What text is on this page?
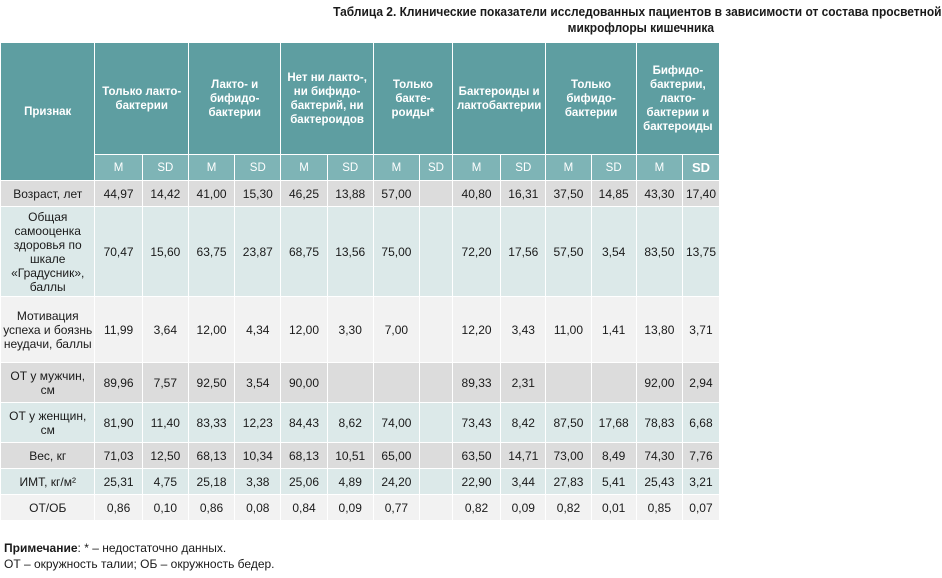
Таблица 2. Клинические показатели исследованных пациентов в зависимости от состава просветной
микрофлоры кишечника
Признак	Только лакто-бактерии		Лакто- и бифидо-бактерии		Нет ни лакто-, ни бифидо-бактерий, ни бактероидов		Только бакте-роиды*		Бактероиды и лактобактерии		Только бифидо-бактерии		Бифидо-бактерии, лакто-бактерии и бактероиды	
	M	SD	M	SD	M	SD	M	SD	M	SD	M	SD	M	SD
Возраст, лет	44,97	14,42	41,00	15,30	46,25	13,88	57,00		40,80	16,31	37,50	14,85	43,30	17,40
Общая самооценка здоровья по шкале «Градусник», баллы	70,47	15,60	63,75	23,87	68,75	13,56	75,00		72,20	17,56	57,50	3,54	83,50	13,75
Мотивация успеха и боязнь неудачи, баллы	11,99	3,64	12,00	4,34	12,00	3,30	7,00		12,20	3,43	11,00	1,41	13,80	3,71
ОТ у мужчин, см	89,96	7,57	92,50	3,54	90,00				89,33	2,31			92,00	2,94
ОТ у женщин, см	81,90	11,40	83,33	12,23	84,43	8,62	74,00		73,43	8,42	87,50	17,68	78,83	6,68
Вес, кг	71,03	12,50	68,13	10,34	68,13	10,51	65,00		63,50	14,71	73,00	8,49	74,30	7,76
ИМТ, кг/м²	25,31	4,75	25,18	3,38	25,06	4,89	24,20		22,90	3,44	27,83	5,41	25,43	3,21
ОТ/ОБ	0,86	0,10	0,86	0,08	0,84	0,09	0,77		0,82	0,09	0,82	0,01	0,85	0,07
Примечание: * – недостаточно данных.
ОТ – окружность талии; ОБ – окружность бедер.
